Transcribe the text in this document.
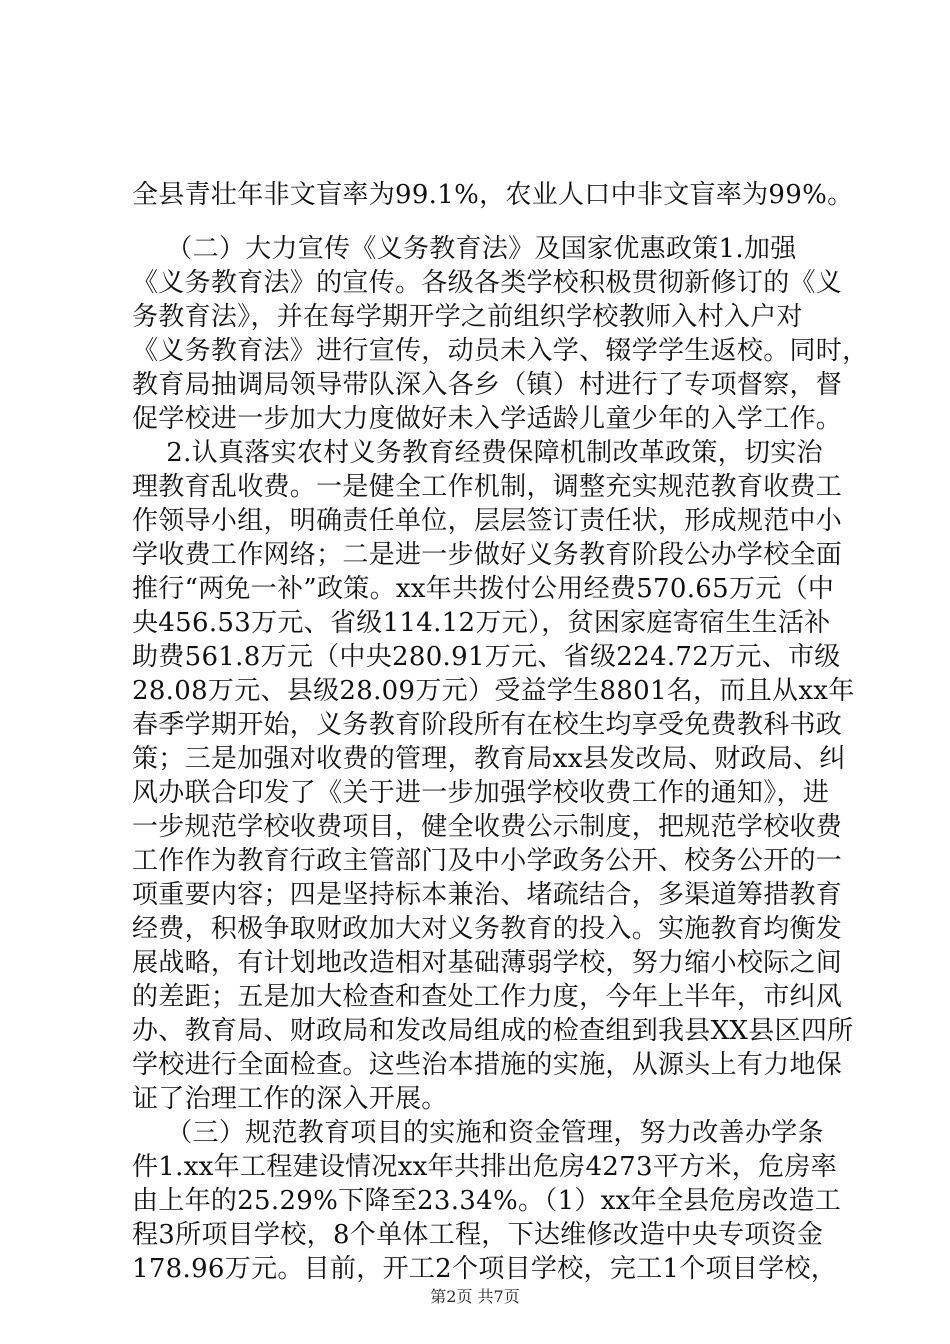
全县青壮年非文盲率为99.1%，农业人口中非文盲率为99%。
（二）大力宣传《义务教育法》及国家优惠政策1.加强
《义务教育法》的宣传。各级各类学校积极贯彻新修订的《义
务教育法》，并在每学期开学之前组织学校教师入村入户对
《义务教育法》进行宣传，动员未入学、辍学学生返校。同时，
教育局抽调局领导带队深入各乡（镇）村进行了专项督察，督
促学校进一步加大力度做好未入学适龄儿童少年的入学工作。
2.认真落实农村义务教育经费保障机制改革政策，切实治
理教育乱收费。一是健全工作机制，调整充实规范教育收费工
作领导小组，明确责任单位，层层签订责任状，形成规范中小
学收费工作网络；二是进一步做好义务教育阶段公办学校全面
推行“两免一补”政策。xx年共拨付公用经费570.65万元（中
央456.53万元、省级114.12万元），贫困家庭寄宿生生活补
助费561.8万元（中央280.91万元、省级224.72万元、市级
28.08万元、县级28.09万元）受益学生8801名，而且从xx年
春季学期开始，义务教育阶段所有在校生均享受免费教科书政
策；三是加强对收费的管理，教育局xx县发改局、财政局、纠
风办联合印发了《关于进一步加强学校收费工作的通知》，进
一步规范学校收费项目，健全收费公示制度，把规范学校收费
工作作为教育行政主管部门及中小学政务公开、校务公开的一
项重要内容；四是坚持标本兼治、堵疏结合，多渠道筹措教育
经费，积极争取财政加大对义务教育的投入。实施教育均衡发
展战略，有计划地改造相对基础薄弱学校，努力缩小校际之间
的差距；五是加大检查和查处工作力度，今年上半年，市纠风
办、教育局、财政局和发改局组成的检查组到我县XX县区四所
学校进行全面检查。这些治本措施的实施，从源头上有力地保
证了治理工作的深入开展。
（三）规范教育项目的实施和资金管理，努力改善办学条
件1.xx年工程建设情况xx年共排出危房4273平方米，危房率
由上年的25.29%下降至23.34%。（1）xx年全县危房改造工
程3所项目学校，8个单体工程，下达维修改造中央专项资金
178.96万元。目前，开工2个项目学校，完工1个项目学校，
第2页 共7页
